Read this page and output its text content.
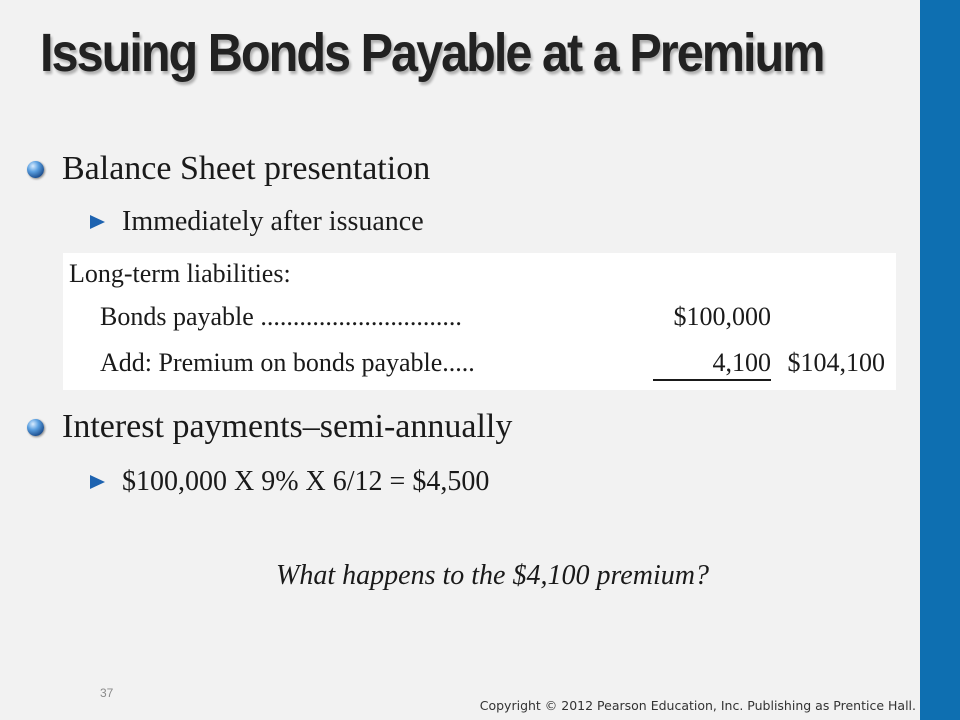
Issuing Bonds Payable at a Premium
Balance Sheet presentation
Immediately after issuance
Long-term liabilities:
Bonds payable ...............................	$100,000
Add: Premium on bonds payable.....	4,100 $104,100
Interest payments–semi-annually
$100,000 X 9% X 6/12 = $4,500
What happens to the $4,100 premium?
37
Copyright © 2012 Pearson Education, Inc. Publishing as Prentice Hall.
